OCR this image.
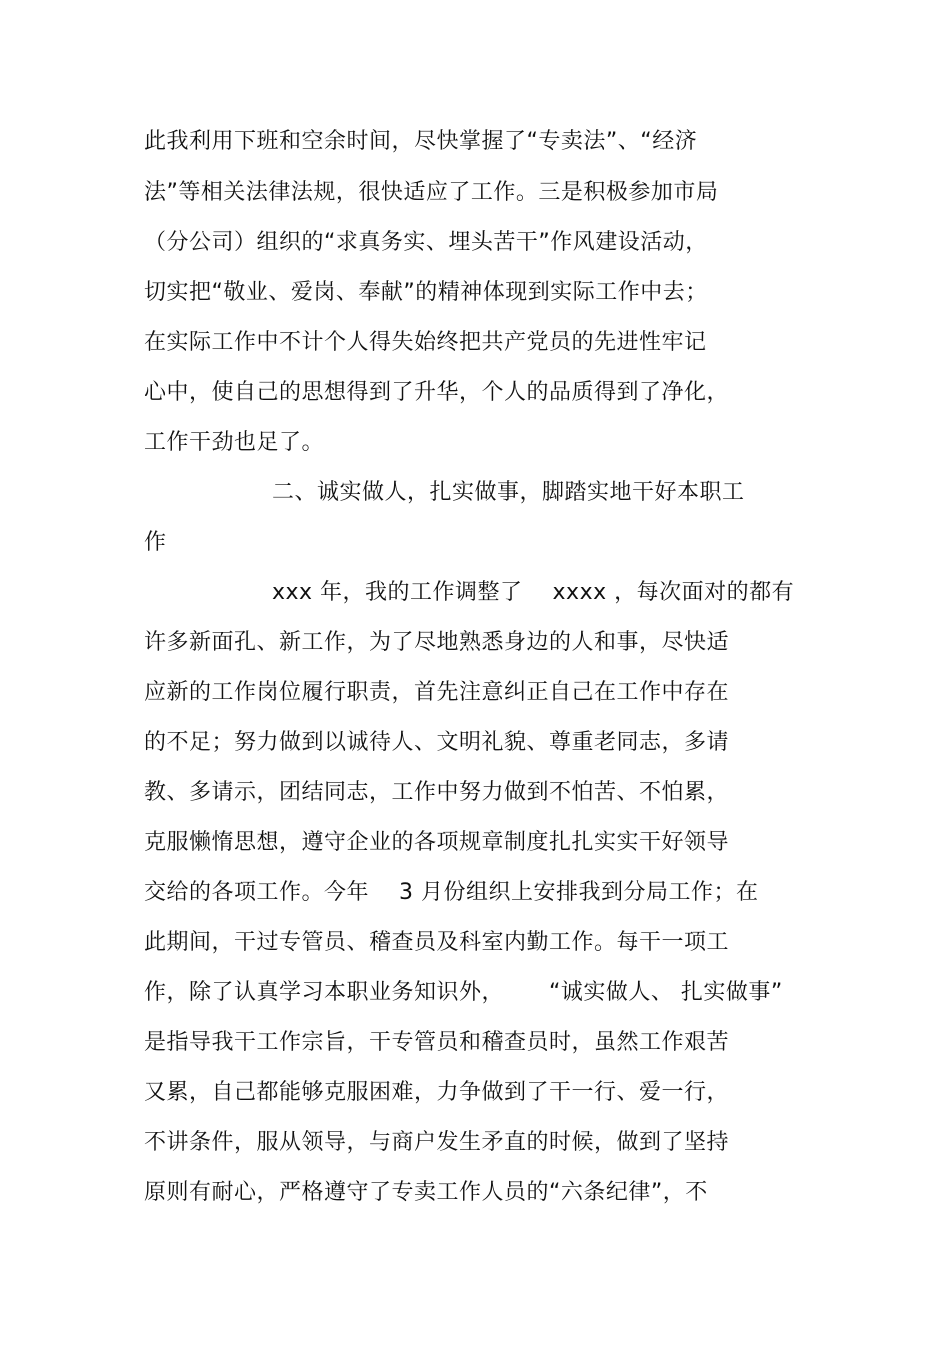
此我利用下班和空余时间，尽快掌握了“专卖法”、“经济
法”等相关法律法规，很快适应了工作。三是积极参加市局
（分公司）组织的“求真务实、埋头苦干”作风建设活动，
切实把“敬业、爱岗、奉献”的精神体现到实际工作中去；
在实际工作中不计个人得失始终把共产党员的先进性牢记
心中，使自己的思想得到了升华，个人的品质得到了净化，
工作干劲也足了。
二、诚实做人，扎实做事，脚踏实地干好本职工
作
xxx 年，我的工作调整了    xxxx ，每次面对的都有
许多新面孔、新工作，为了尽地熟悉身边的人和事，尽快适
应新的工作岗位履行职责，首先注意纠正自己在工作中存在
的不足；努力做到以诚待人、文明礼貌、尊重老同志，多请
教、多请示，团结同志，工作中努力做到不怕苦、不怕累，
克服懒惰思想，遵守企业的各项规章制度扎扎实实干好领导
交给的各项工作。今年    3 月份组织上安排我到分局工作；在
此期间，干过专管员、稽查员及科室内勤工作。每干一项工
作，除了认真学习本职业务知识外，      “诚实做人、 扎实做事”
是指导我干工作宗旨，干专管员和稽查员时，虽然工作艰苦
又累，自己都能够克服困难，力争做到了干一行、爱一行，
不讲条件，服从领导，与商户发生矛直的时候，做到了坚持
原则有耐心，严格遵守了专卖工作人员的“六条纪律”，不
